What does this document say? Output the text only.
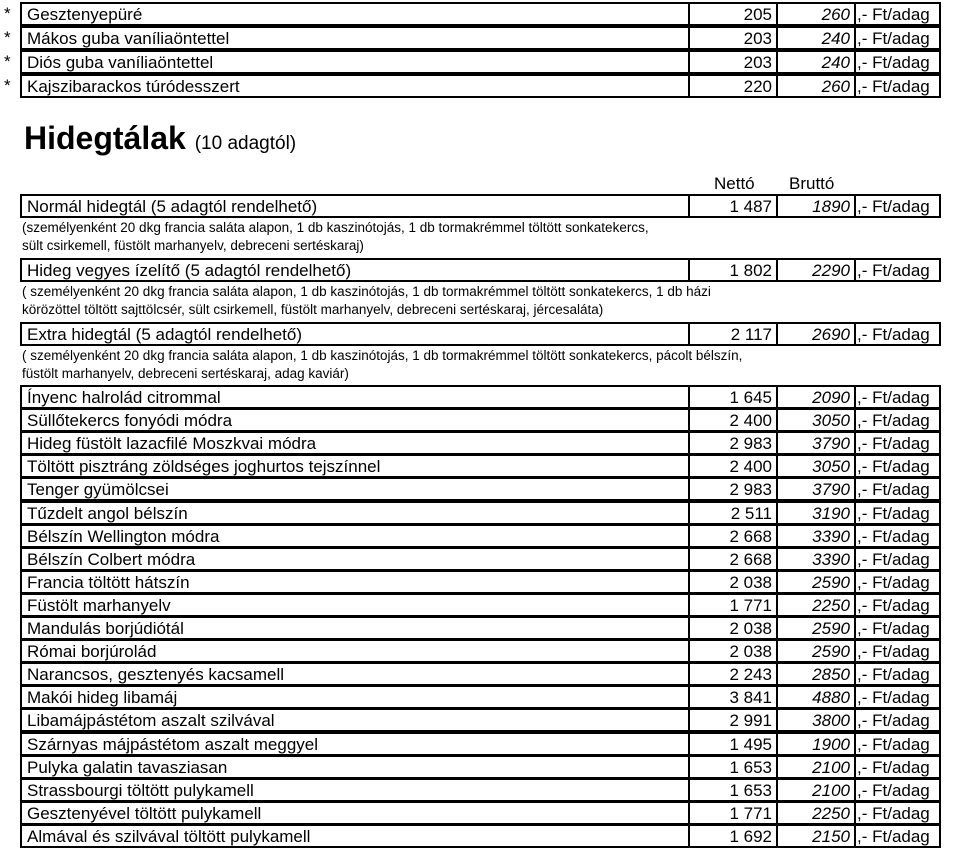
* Gesztenyepüré	205	260 ,- Ft/adag
* Mákos guba vaníliaöntettel	203	240 ,- Ft/adag
* Diós guba vaníliaöntettel	203	240 ,- Ft/adag
* Kajszibarackos túródesszert	220	260 ,- Ft/adag
Hidegtálak (10 adagtól)
Nettó Bruttó
Normál hidegtál (5 adagtól rendelhető)	1 487 1890 ,- Ft/adag
(személyenként 20 dkg francia saláta alapon, 1 db kaszinótojás, 1 db tormakrémmel töltött sonkatekercs,
sült csirkemell, füstölt marhanyelv, debreceni sertéskaraj)
Hideg vegyes ízelítő (5 adagtól rendelhető)	1 802 2290 ,- Ft/adag
( személyenként 20 dkg francia saláta alapon, 1 db kaszinótojás, 1 db tormakrémmel töltött sonkatekercs, 1 db házi
körözöttel töltött sajttölcsér, sült csirkemell, füstölt marhanyelv, debreceni sertéskaraj, jércesaláta)
Extra hidegtál (5 adagtól rendelhető)	2 117 2690 ,- Ft/adag
( személyenként 20 dkg francia saláta alapon, 1 db kaszinótojás, 1 db tormakrémmel töltött sonkatekercs, pácolt bélszín,
füstölt marhanyelv, debreceni sertéskaraj, adag kaviár)
Ínyenc halrolád citrommal	1 645 2090 ,- Ft/adag
Süllőtekercs fonyódi módra	2 400 3050 ,- Ft/adag
Hideg füstölt lazacfilé Moszkvai módra	2 983 3790 ,- Ft/adag
Töltött pisztráng zöldséges joghurtos tejszínnel	2 400 3050 ,- Ft/adag
Tenger gyümölcsei	2 983 3790 ,- Ft/adag
Tűzdelt angol bélszín	2 511 3190 ,- Ft/adag
Bélszín Wellington módra	2 668 3390 ,- Ft/adag
Bélszín Colbert módra	2 668 3390 ,- Ft/adag
Francia töltött hátszín	2 038 2590 ,- Ft/adag
Füstölt marhanyelv	1 771 2250 ,- Ft/adag
Mandulás borjúdiótál	2 038 2590 ,- Ft/adag
Római borjúrolád	2 038 2590 ,- Ft/adag
Narancsos, gesztenyés kacsamell	2 243 2850 ,- Ft/adag
Makói hideg libamáj	3 841 4880 ,- Ft/adag
Libamájpástétom aszalt szilvával	2 991 3800 ,- Ft/adag
Szárnyas májpástétom aszalt meggyel	1 495 1900 ,- Ft/adag
Pulyka galatin tavasziasan	1 653 2100 ,- Ft/adag
Strassbourgi töltött pulykamell	1 653 2100 ,- Ft/adag
Gesztenyével töltött pulykamell	1 771 2250 ,- Ft/adag
Almával és szilvával töltött pulykamell	1 692 2150 ,- Ft/adag
